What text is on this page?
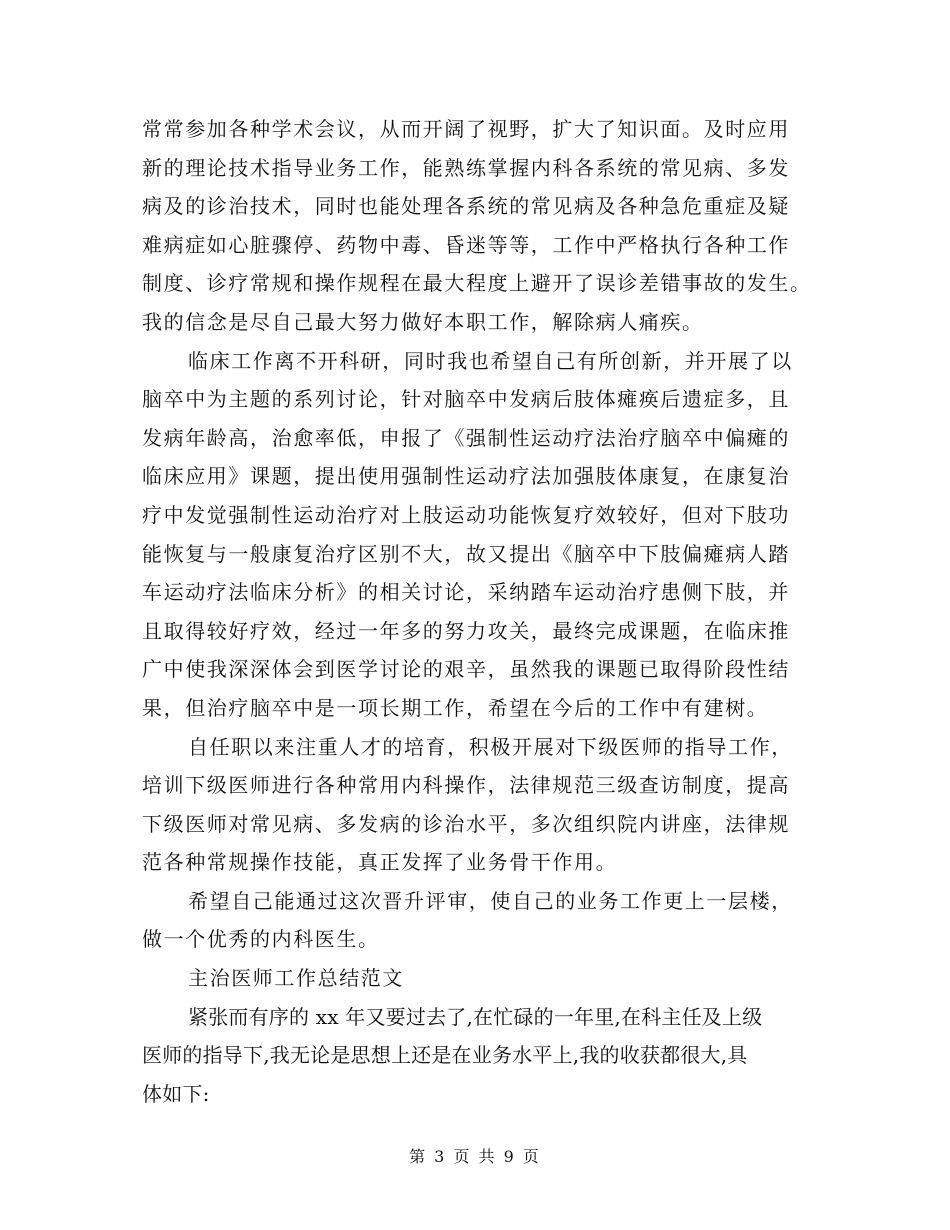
常常参加各种学术会议，从而开阔了视野，扩大了知识面。及时应用
新的理论技术指导业务工作，能熟练掌握内科各系统的常见病、多发
病及的诊治技术，同时也能处理各系统的常见病及各种急危重症及疑
难病症如心脏骤停、药物中毒、昏迷等等，工作中严格执行各种工作
制度、诊疗常规和操作规程在最大程度上避开了误诊差错事故的发生。
我的信念是尽自己最大努力做好本职工作，解除病人痛疾。
临床工作离不开科研，同时我也希望自己有所创新，并开展了以
脑卒中为主题的系列讨论，针对脑卒中发病后肢体瘫痪后遗症多，且
发病年龄高，治愈率低，申报了《强制性运动疗法治疗脑卒中偏瘫的
临床应用》课题，提出使用强制性运动疗法加强肢体康复，在康复治
疗中发觉强制性运动治疗对上肢运动功能恢复疗效较好，但对下肢功
能恢复与一般康复治疗区别不大，故又提出《脑卒中下肢偏瘫病人踏
车运动疗法临床分析》的相关讨论，采纳踏车运动治疗患侧下肢，并
且取得较好疗效，经过一年多的努力攻关，最终完成课题，在临床推
广中使我深深体会到医学讨论的艰辛，虽然我的课题已取得阶段性结
果，但治疗脑卒中是一项长期工作，希望在今后的工作中有建树。
自任职以来注重人才的培育，积极开展对下级医师的指导工作，
培训下级医师进行各种常用内科操作，法律规范三级查访制度，提高
下级医师对常见病、多发病的诊治水平，多次组织院内讲座，法律规
范各种常规操作技能，真正发挥了业务骨干作用。
希望自己能通过这次晋升评审，使自己的业务工作更上一层楼，
做一个优秀的内科医生。
主治医师工作总结范文
紧张而有序的 xx 年又要过去了,在忙碌的一年里,在科主任及上级
医师的指导下,我无论是思想上还是在业务水平上,我的收获都很大,具
体如下:
第 3 页 共 9 页
